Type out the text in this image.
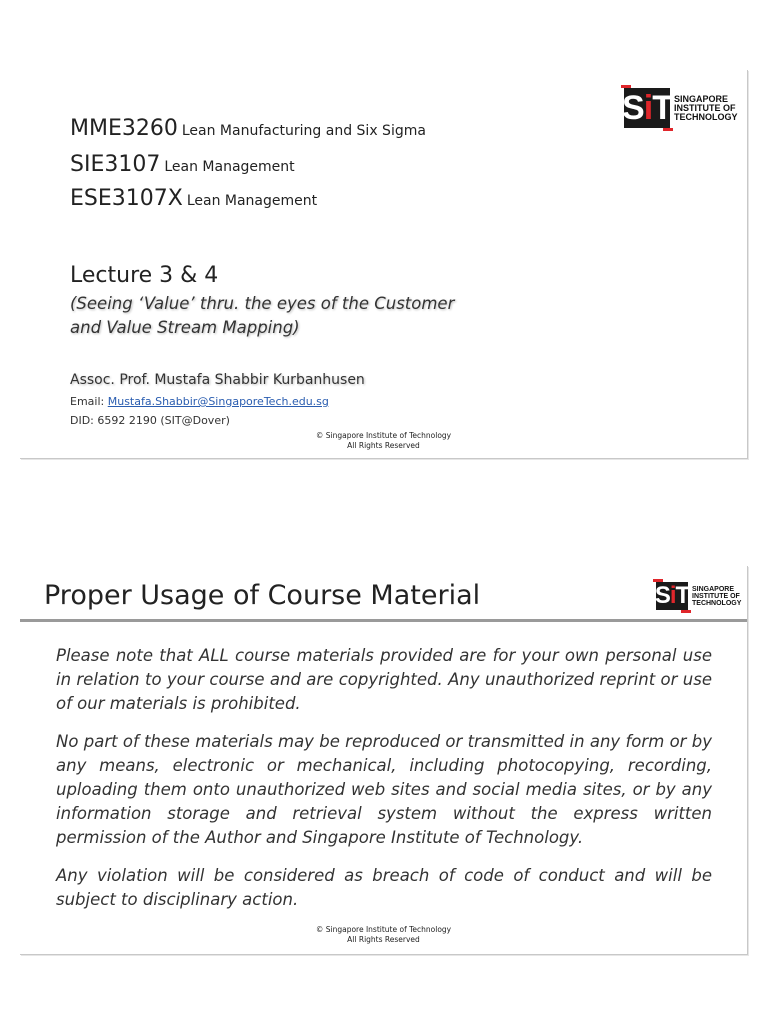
S i T SINGAPORE
INSTITUTE OF
TECHNOLOGY
MME3260 Lean Manufacturing and Six Sigma
SIE3107 Lean Management
ESE3107X Lean Management
Lecture 3 & 4
(Seeing ‘Value’ thru. the eyes of the Customer
and Value Stream Mapping)
Assoc. Prof. Mustafa Shabbir Kurbanhusen
Email: Mustafa.Shabbir@SingaporeTech.edu.sg
DID: 6592 2190 (SIT@Dover)
© Singapore Institute of Technology
All Rights Reserved
Proper Usage of Course Material	S i T SINGAPORE
INSTITUTE OF
TECHNOLOGY

Please note that ALL course materials provided are for your own personal use in relation to your course and are copyrighted. Any unauthorized reprint or use of our materials is prohibited.

No part of these materials may be reproduced or transmitted in any form or by any means, electronic or mechanical, including photocopying, recording, uploading them onto unauthorized web sites and social media sites, or by any information storage and retrieval system without the express written permission of the Author and Singapore Institute of Technology.

Any violation will be considered as breach of code of conduct and will be subject to disciplinary action.

© Singapore Institute of Technology
All Rights Reserved
